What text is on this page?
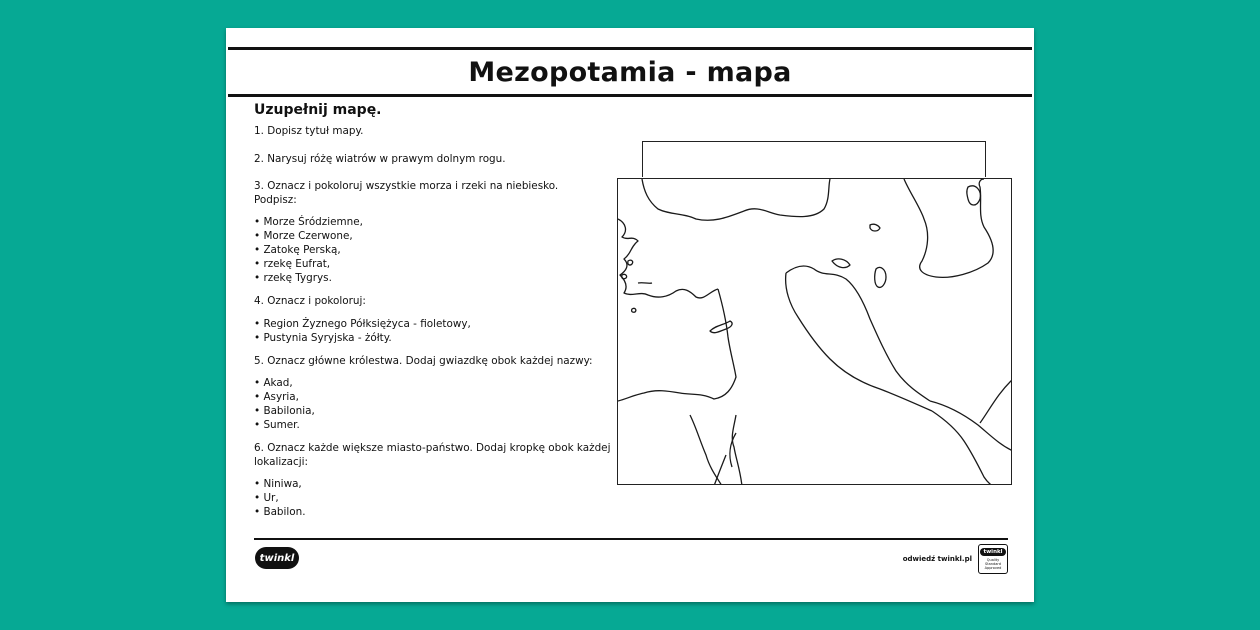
Mezopotamia - mapa
Uzupełnij mapę.
1. Dopisz tytuł mapy.
2. Narysuj różę wiatrów w prawym dolnym rogu.
3. Oznacz i pokoloruj wszystkie morza i rzeki na niebiesko.
Podpisz:
• Morze Śródziemne,
• Morze Czerwone,
• Zatokę Perską,
• rzekę Eufrat,
• rzekę Tygrys.
4. Oznacz i pokoloruj:
• Region Żyznego Półksiężyca - fioletowy,
• Pustynia Syryjska - żółty.
5. Oznacz główne królestwa. Dodaj gwiazdkę obok każdej nazwy:
• Akad,
• Asyria,
• Babilonia,
• Sumer.
6. Oznacz każde większe miasto-państwo. Dodaj kropkę obok każdej
lokalizacji:
• Niniwa,
• Ur,
• Babilon.
twinkl	odwiedź twinkl.pl
twinkl
Quality Standard Approved
